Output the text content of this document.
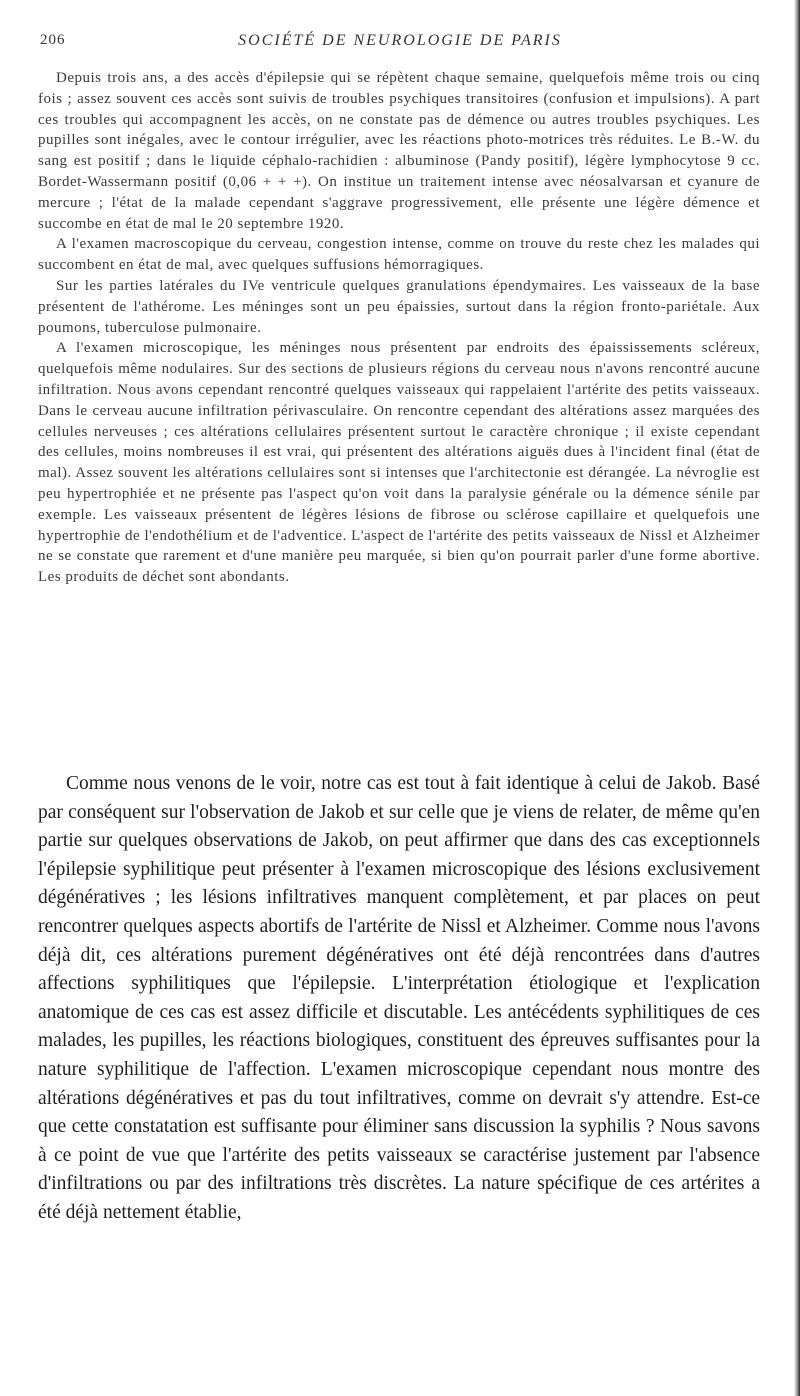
206	SOCIÉTÉ DE NEUROLOGIE DE PARIS

Depuis trois ans, a des accès d'épilepsie qui se répètent chaque semaine, quelquefois même trois ou cinq fois ; assez souvent ces accès sont suivis de troubles psychiques transitoires (confusion et impulsions). A part ces troubles qui accompagnent les accès, on ne constate pas de démence ou autres troubles psychiques. Les pupilles sont inégales, avec le contour irrégulier, avec les réactions photo-motrices très réduites. Le B.-W. du sang est positif ; dans le liquide céphalo-rachidien : albuminose (Pandy positif), légère lymphocytose 9 cc. Bordet-Wassermann positif (0,06 + + +). On institue un traitement intense avec néosalvarsan et cyanure de mercure ; l'état de la malade cependant s'aggrave progressivement, elle présente une légère démence et succombe en état de mal le 20 septembre 1920.

A l'examen macroscopique du cerveau, congestion intense, comme on trouve du reste chez les malades qui succombent en état de mal, avec quelques suffusions hémorragiques.

Sur les parties latérales du IVe ventricule quelques granulations épendymaires. Les vaisseaux de la base présentent de l'athérome. Les méninges sont un peu épaissies, surtout dans la région fronto-pariétale. Aux poumons, tuberculose pulmonaire.

A l'examen microscopique, les méninges nous présentent par endroits des épaississements scléreux, quelquefois même nodulaires. Sur des sections de plusieurs régions du cerveau nous n'avons rencontré aucune infiltration. Nous avons cependant rencontré quelques vaisseaux qui rappelaient l'artérite des petits vaisseaux. Dans le cerveau aucune infiltration périvasculaire. On rencontre cependant des altérations assez marquées des cellules nerveuses ; ces altérations cellulaires présentent surtout le caractère chronique ; il existe cependant des cellules, moins nombreuses il est vrai, qui présentent des altérations aiguës dues à l'incident final (état de mal). Assez souvent les altérations cellulaires sont si intenses que l'architectonie est dérangée. La névroglie est peu hypertrophiée et ne présente pas l'aspect qu'on voit dans la paralysie générale ou la démence sénile par exemple. Les vaisseaux présentent de légères lésions de fibrose ou sclérose capillaire et quelquefois une hypertrophie de l'endothélium et de l'adventice. L'aspect de l'artérite des petits vaisseaux de Nissl et Alzheimer ne se constate que rarement et d'une manière peu marquée, si bien qu'on pourrait parler d'une forme abortive. Les produits de déchet sont abondants.

Comme nous venons de le voir, notre cas est tout à fait identique à celui de Jakob. Basé par conséquent sur l'observation de Jakob et sur celle que je viens de relater, de même qu'en partie sur quelques observations de Jakob, on peut affirmer que dans des cas exceptionnels l'épilepsie syphilitique peut présenter à l'examen microscopique des lésions exclusivement dégénératives ; les lésions infiltratives manquent complètement, et par places on peut rencontrer quelques aspects abortifs de l'artérite de Nissl et Alzheimer. Comme nous l'avons déjà dit, ces altérations purement dégénératives ont été déjà rencontrées dans d'autres affections syphilitiques que l'épilepsie. L'interprétation étiologique et l'explication anatomique de ces cas est assez difficile et discutable. Les antécédents syphilitiques de ces malades, les pupilles, les réactions biologiques, constituent des épreuves suffisantes pour la nature syphilitique de l'affection. L'examen microscopique cependant nous montre des altérations dégénératives et pas du tout infiltratives, comme on devrait s'y attendre. Est-ce que cette constatation est suffisante pour éliminer sans discussion la syphilis ? Nous savons à ce point de vue que l'artérite des petits vaisseaux se caractérise justement par l'absence d'infiltrations ou par des infiltrations très discrètes. La nature spécifique de ces artérites a été déjà nettement établie,
